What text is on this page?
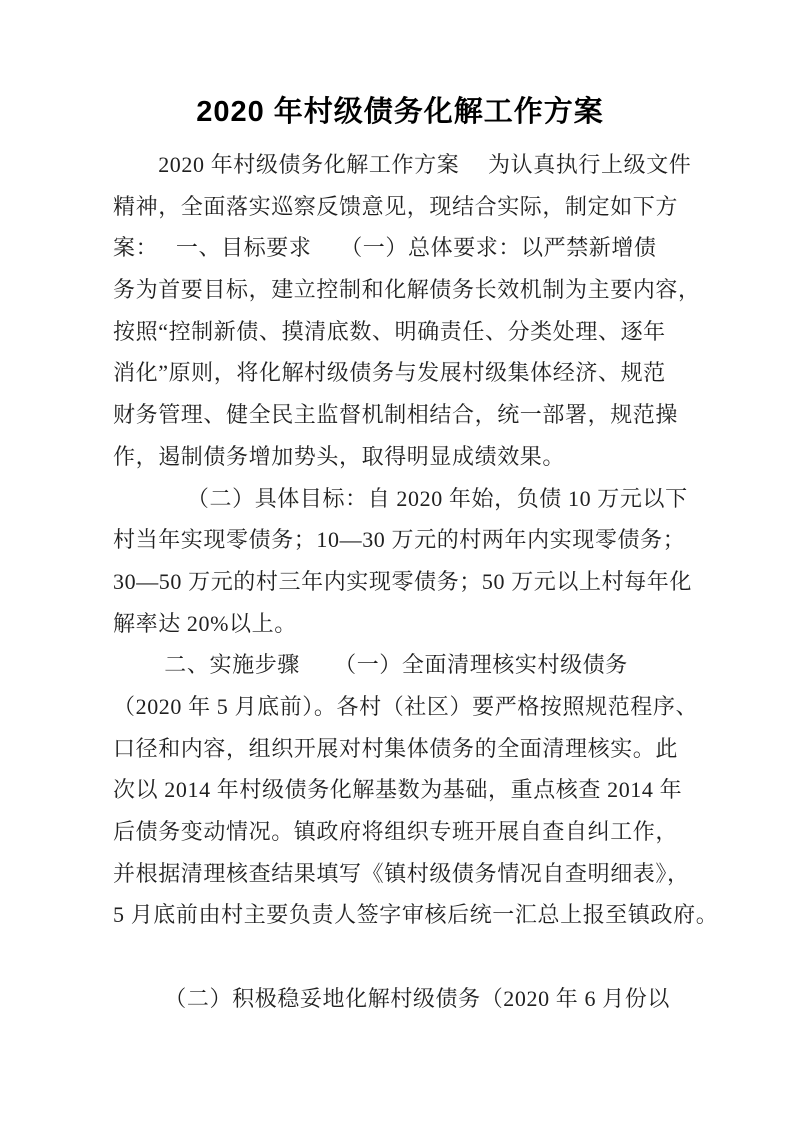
2020 年村级债务化解工作方案
　　2020 年村级债务化解工作方案　 为认真执行上级文件
精神，全面落实巡察反馈意见，现结合实际，制定如下方
案：　 一、目标要求　 （一）总体要求：以严禁新增债
务为首要目标，建立控制和化解债务长效机制为主要内容，
按照“控制新债、摸清底数、明确责任、分类处理、逐年
消化”原则，将化解村级债务与发展村级集体经济、规范
财务管理、健全民主监督机制相结合，统一部署，规范操
作，遏制债务增加势头，取得明显成绩效果。
　　　 （二）具体目标：自 2020 年始，负债 10 万元以下
村当年实现零债务；10—30 万元的村两年内实现零债务；
30—50 万元的村三年内实现零债务；50 万元以上村每年化
解率达 20%以上。
　　 二、实施步骤　　（一）全面清理核实村级债务
（2020 年 5 月底前）。各村（社区）要严格按照规范程序、
口径和内容，组织开展对村集体债务的全面清理核实。此
次以 2014 年村级债务化解基数为基础，重点核查 2014 年
后债务变动情况。镇政府将组织专班开展自查自纠工作，
并根据清理核查结果填写《镇村级债务情况自查明细表》，
5 月底前由村主要负责人签字审核后统一汇总上报至镇政府。
　　 （二）积极稳妥地化解村级债务（2020 年 6 月份以
